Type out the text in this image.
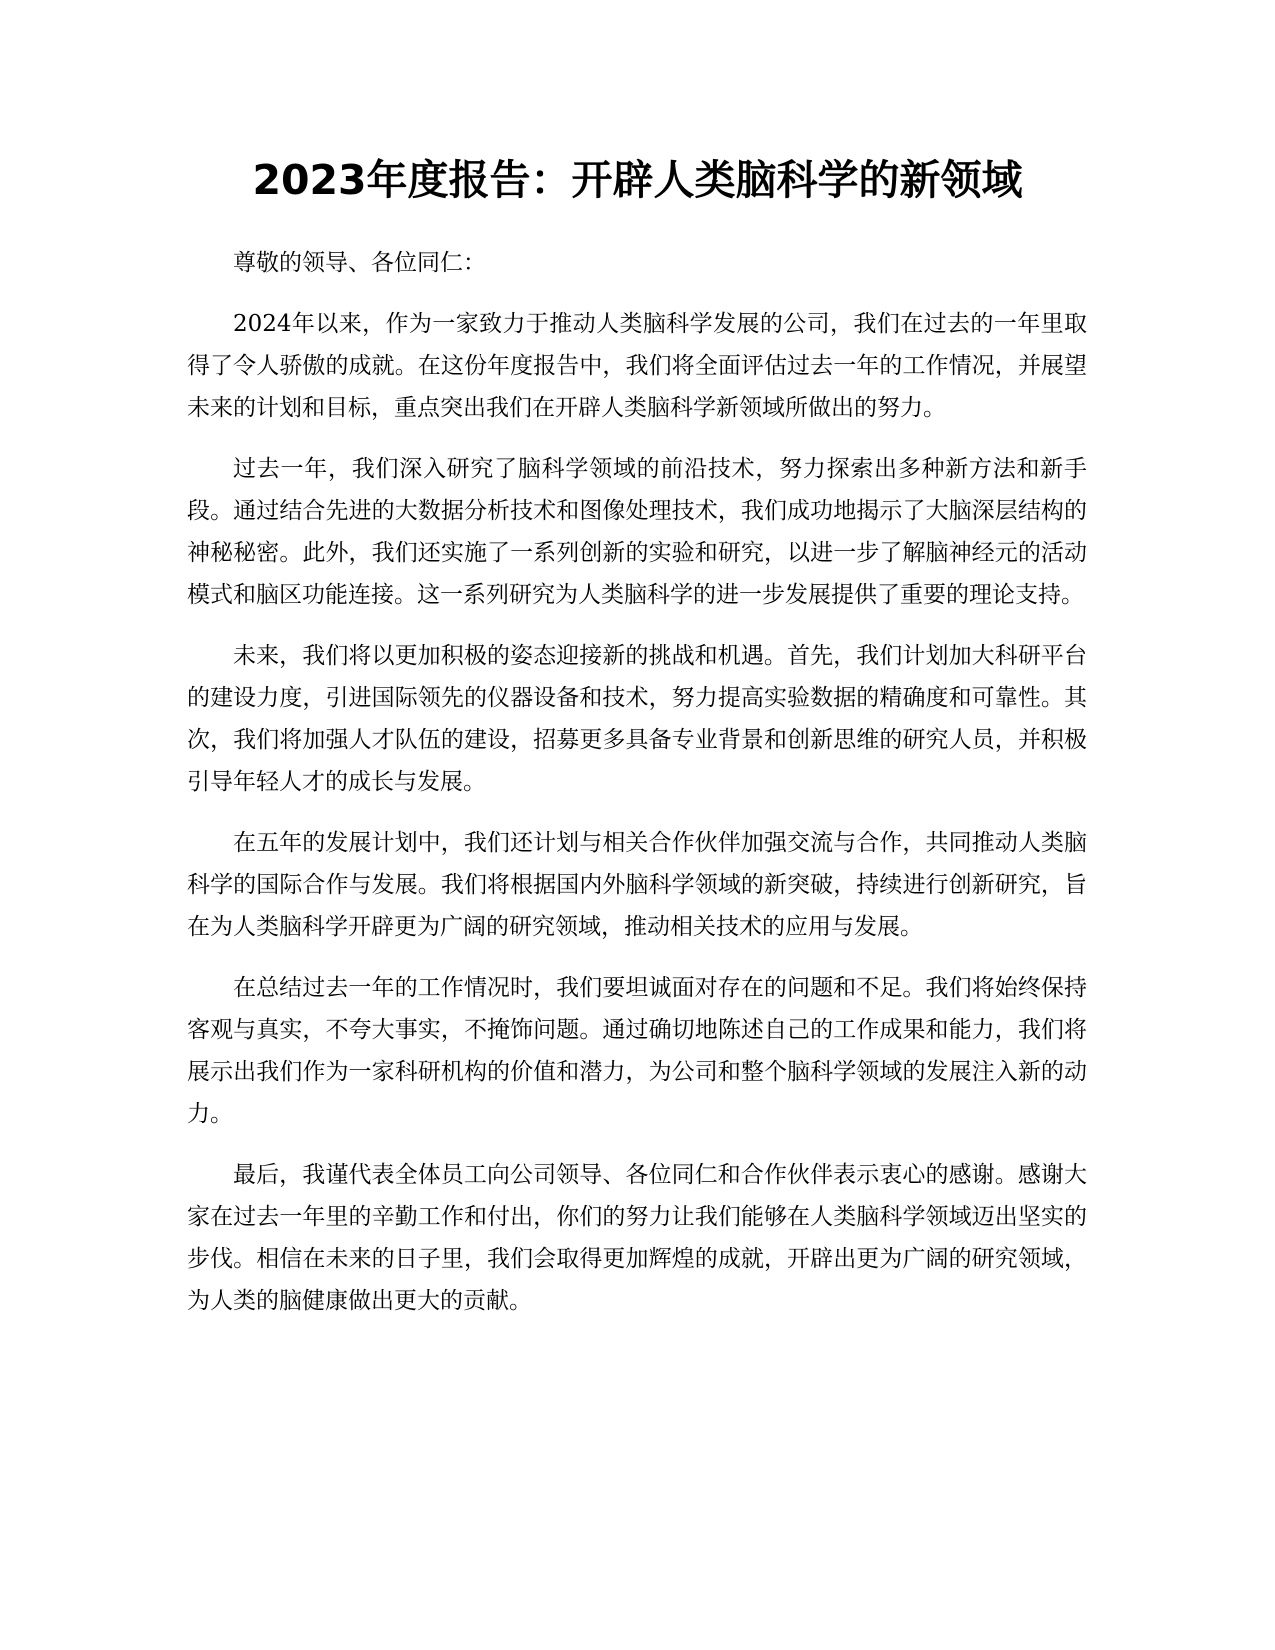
2023年度报告：开辟人类脑科学的新领域

尊敬的领导、各位同仁：

2024年以来，作为一家致力于推动人类脑科学发展的公司，我们在过去的一年里取得了令人骄傲的成就。在这份年度报告中，我们将全面评估过去一年的工作情况，并展望未来的计划和目标，重点突出我们在开辟人类脑科学新领域所做出的努力。

过去一年，我们深入研究了脑科学领域的前沿技术，努力探索出多种新方法和新手段。通过结合先进的大数据分析技术和图像处理技术，我们成功地揭示了大脑深层结构的神秘秘密。此外，我们还实施了一系列创新的实验和研究，以进一步了解脑神经元的活动模式和脑区功能连接。这一系列研究为人类脑科学的进一步发展提供了重要的理论支持。

未来，我们将以更加积极的姿态迎接新的挑战和机遇。首先，我们计划加大科研平台的建设力度，引进国际领先的仪器设备和技术，努力提高实验数据的精确度和可靠性。其次，我们将加强人才队伍的建设，招募更多具备专业背景和创新思维的研究人员，并积极引导年轻人才的成长与发展。

在五年的发展计划中，我们还计划与相关合作伙伴加强交流与合作，共同推动人类脑科学的国际合作与发展。我们将根据国内外脑科学领域的新突破，持续进行创新研究，旨在为人类脑科学开辟更为广阔的研究领域，推动相关技术的应用与发展。

在总结过去一年的工作情况时，我们要坦诚面对存在的问题和不足。我们将始终保持客观与真实，不夸大事实，不掩饰问题。通过确切地陈述自己的工作成果和能力，我们将展示出我们作为一家科研机构的价值和潜力，为公司和整个脑科学领域的发展注入新的动力。

最后，我谨代表全体员工向公司领导、各位同仁和合作伙伴表示衷心的感谢。感谢大家在过去一年里的辛勤工作和付出，你们的努力让我们能够在人类脑科学领域迈出坚实的步伐。相信在未来的日子里，我们会取得更加辉煌的成就，开辟出更为广阔的研究领域，为人类的脑健康做出更大的贡献。
